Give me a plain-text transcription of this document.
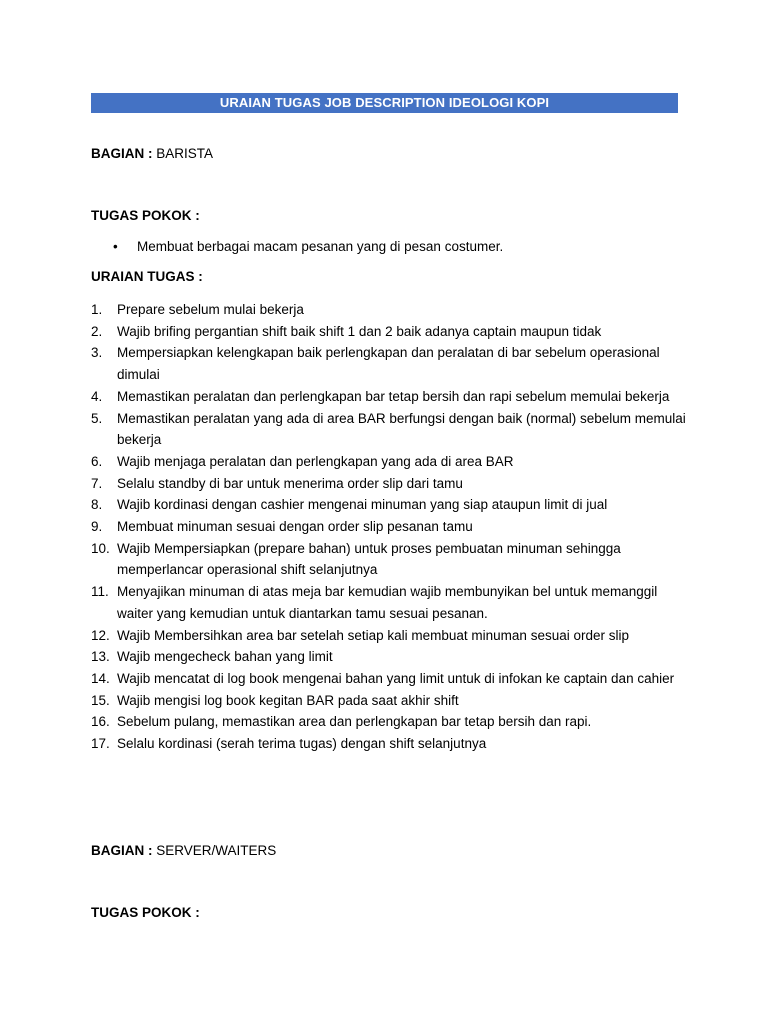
URAIAN TUGAS JOB DESCRIPTION IDEOLOGI KOPI
BAGIAN : BARISTA
TUGAS POKOK :
• Membuat berbagai macam pesanan yang di pesan costumer.
URAIAN TUGAS :
1. Prepare sebelum mulai bekerja
2. Wajib brifing pergantian shift baik shift 1 dan 2 baik adanya captain maupun tidak
3. Mempersiapkan kelengkapan baik perlengkapan dan peralatan di bar sebelum operasional dimulai
4. Memastikan peralatan dan perlengkapan bar tetap bersih dan rapi sebelum memulai bekerja
5. Memastikan peralatan yang ada di area BAR berfungsi dengan baik (normal) sebelum memulai bekerja
6. Wajib menjaga peralatan dan perlengkapan yang ada di area BAR
7. Selalu standby di bar untuk menerima order slip dari tamu
8. Wajib kordinasi dengan cashier mengenai minuman yang siap ataupun limit di jual
9. Membuat minuman sesuai dengan order slip pesanan tamu
10. Wajib Mempersiapkan (prepare bahan) untuk proses pembuatan minuman sehingga memperlancar operasional shift selanjutnya
11. Menyajikan minuman di atas meja bar kemudian wajib membunyikan bel untuk memanggil waiter yang kemudian untuk diantarkan tamu sesuai pesanan.
12. Wajib Membersihkan area bar setelah setiap kali membuat minuman sesuai order slip
13. Wajib mengecheck bahan yang limit
14. Wajib mencatat di log book mengenai bahan yang limit untuk di infokan ke captain dan cahier
15. Wajib mengisi log book kegitan BAR pada saat akhir shift
16. Sebelum pulang, memastikan area dan perlengkapan bar tetap bersih dan rapi.
17. Selalu kordinasi (serah terima tugas) dengan shift selanjutnya
BAGIAN : SERVER/WAITERS
TUGAS POKOK :
